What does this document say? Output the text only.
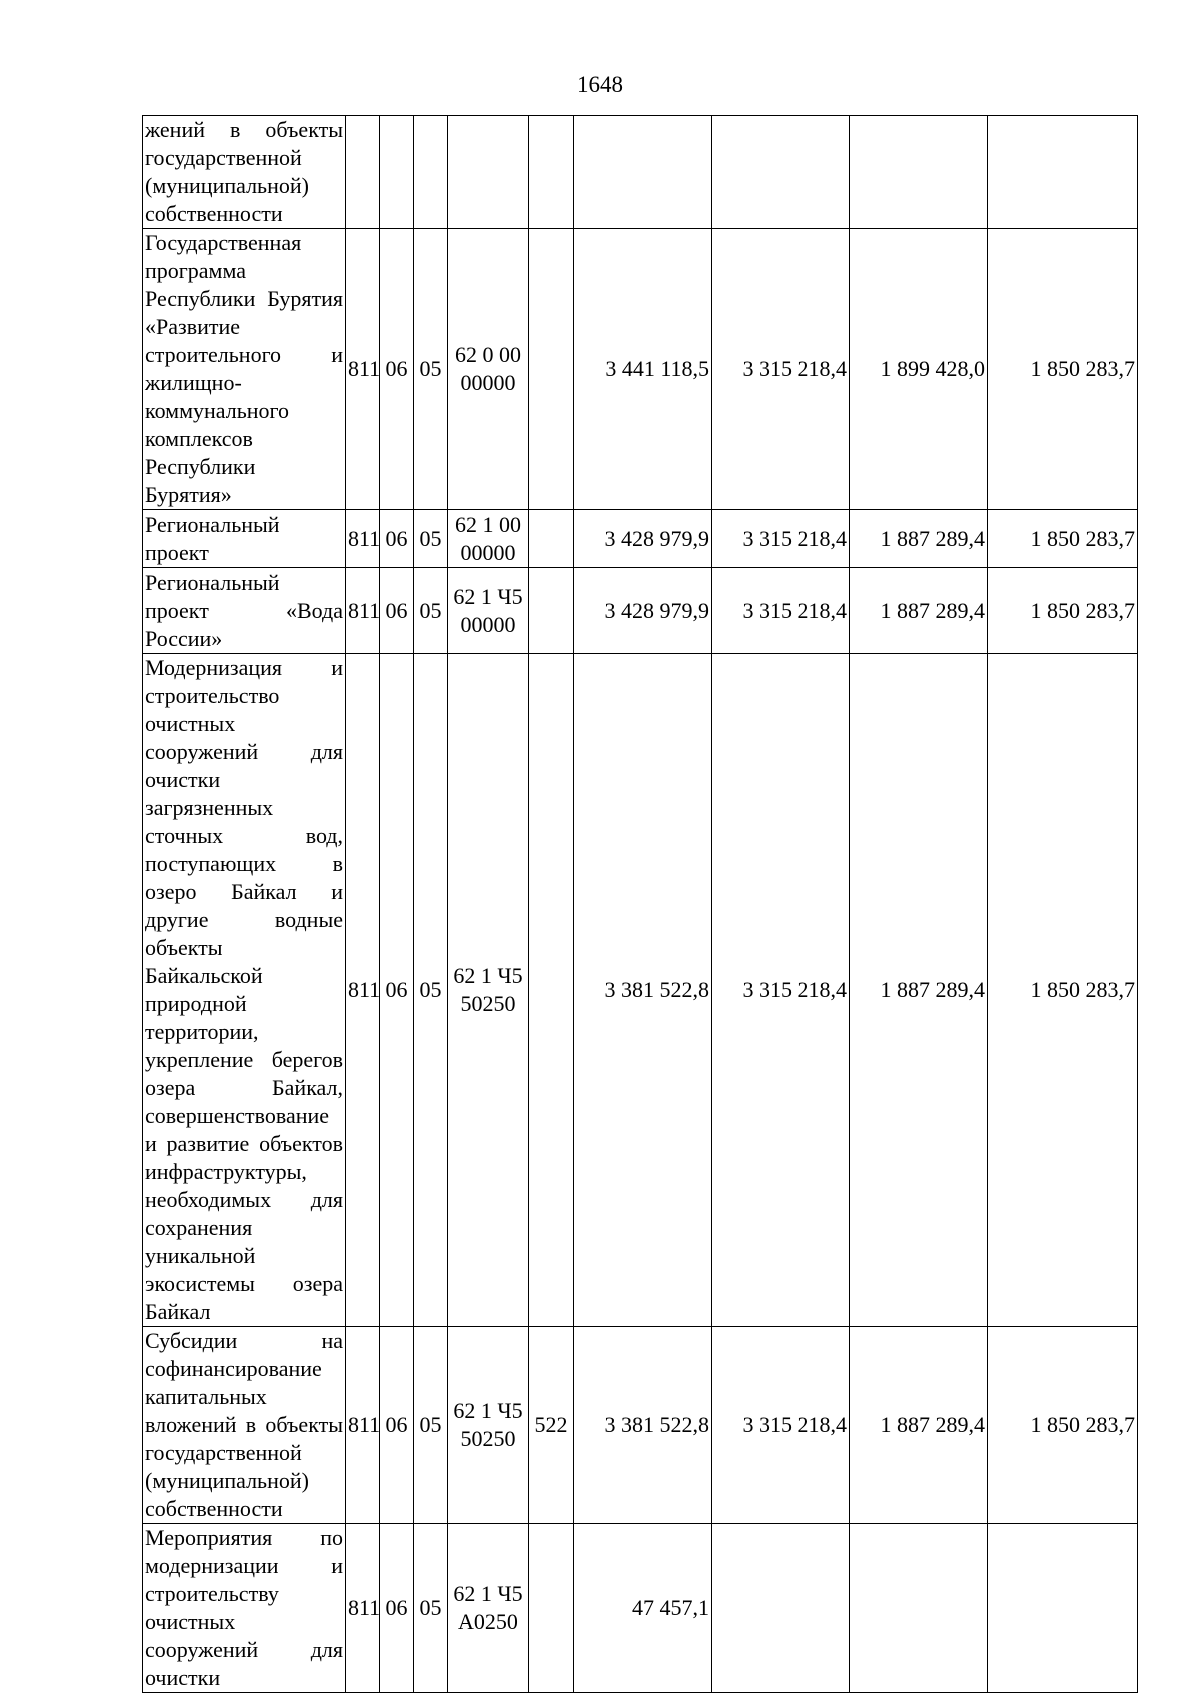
1648
жений в объекты государственной (муниципальной) собственности									

Государственная программа Республики Бурятия «Развитие строительного и жилищно-коммунального комплексов Республики Бурятия»	811	06	05	62 0 00 00000		3 441 118,5	3 315 218,4	1 899 428,0	1 850 283,7

Региональный проект	811	06	05	62 1 00 00000		3 428 979,9	3 315 218,4	1 887 289,4	1 850 283,7

Региональный проект «Вода России»	811	06	05	62 1 Ч5 00000		3 428 979,9	3 315 218,4	1 887 289,4	1 850 283,7

Модернизация и строительство очистных сооружений для очистки загрязненных сточных вод, поступающих в озеро Байкал и другие водные объекты Байкальской природной территории, укрепление берегов озера Байкал, совершенствование и развитие объектов инфраструктуры, необходимых для сохранения уникальной экосистемы озера Байкал	811	06	05	62 1 Ч5 50250		3 381 522,8	3 315 218,4	1 887 289,4	1 850 283,7

Субсидии на софинансирование капитальных вложений в объекты государственной (муниципальной) собственности	811	06	05	62 1 Ч5 50250	522	3 381 522,8	3 315 218,4	1 887 289,4	1 850 283,7

Мероприятия по модернизации и строительству очистных сооружений для очистки	811	06	05	62 1 Ч5 А0250		47 457,1			
